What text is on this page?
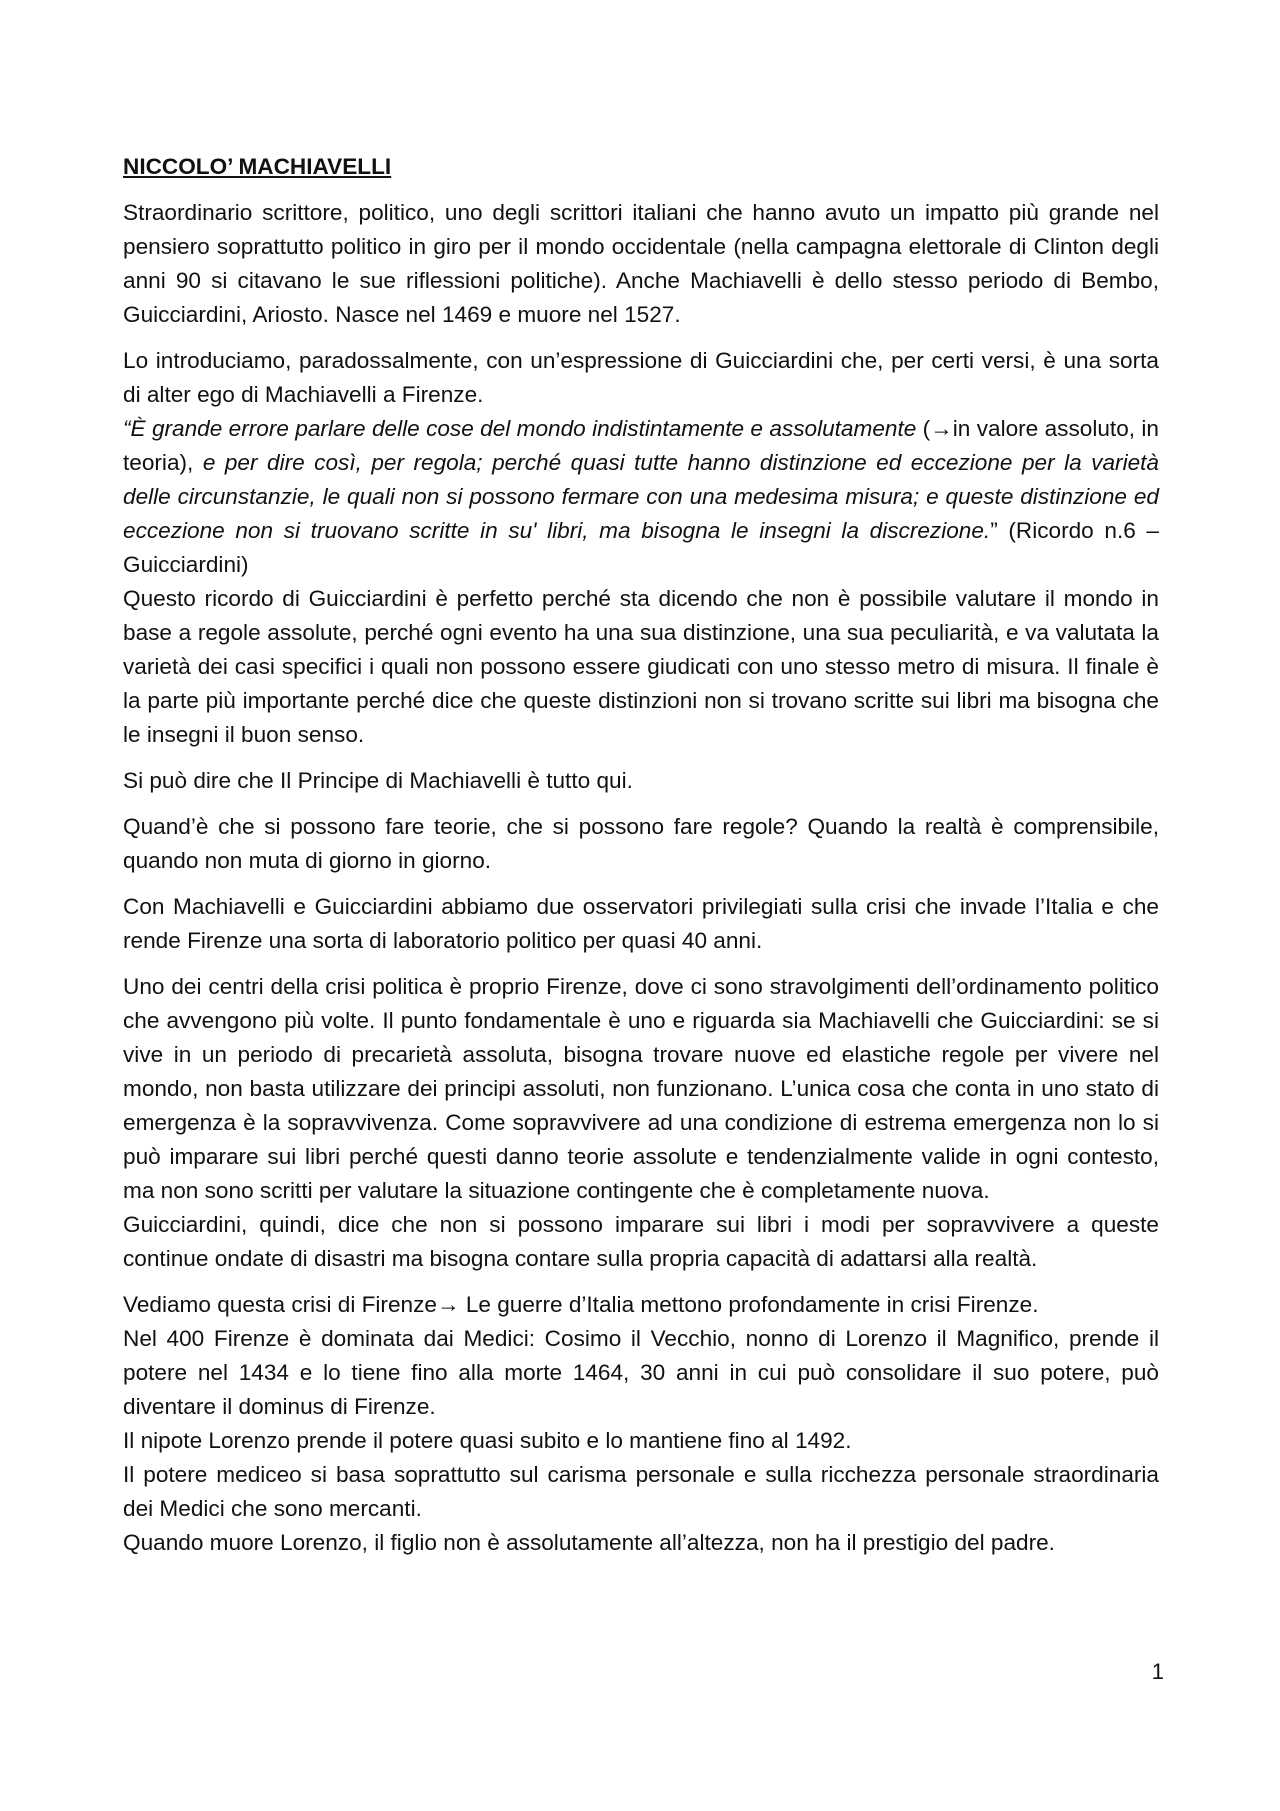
NICCOLO’ MACHIAVELLI

Straordinario scrittore, politico, uno degli scrittori italiani che hanno avuto un impatto più grande nel pensiero soprattutto politico in giro per il mondo occidentale (nella campagna elettorale di Clinton degli anni 90 si citavano le sue riflessioni politiche). Anche Machiavelli è dello stesso periodo di Bembo, Guicciardini, Ariosto. Nasce nel 1469 e muore nel 1527.

Lo introduciamo, paradossalmente, con un’espressione di Guicciardini che, per certi versi, è una sorta di alter ego di Machiavelli a Firenze.

“È grande errore parlare delle cose del mondo indistintamente e assolutamente (→in valore assoluto, in teoria), e per dire così, per regola; perché quasi tutte hanno distinzione ed eccezione per la varietà delle circunstanzie, le quali non si possono fermare con una medesima misura; e queste distinzione ed eccezione non si truovano scritte in su' libri, ma bisogna le insegni la discrezione.” (Ricordo n.6 – Guicciardini)

Questo ricordo di Guicciardini è perfetto perché sta dicendo che non è possibile valutare il mondo in base a regole assolute, perché ogni evento ha una sua distinzione, una sua peculiarità, e va valutata la varietà dei casi specifici i quali non possono essere giudicati con uno stesso metro di misura. Il finale è la parte più importante perché dice che queste distinzioni non si trovano scritte sui libri ma bisogna che le insegni il buon senso.

Si può dire che Il Principe di Machiavelli è tutto qui.

Quand’è che si possono fare teorie, che si possono fare regole? Quando la realtà è comprensibile, quando non muta di giorno in giorno.

Con Machiavelli e Guicciardini abbiamo due osservatori privilegiati sulla crisi che invade l’Italia e che rende Firenze una sorta di laboratorio politico per quasi 40 anni.

Uno dei centri della crisi politica è proprio Firenze, dove ci sono stravolgimenti dell’ordinamento politico che avvengono più volte. Il punto fondamentale è uno e riguarda sia Machiavelli che Guicciardini: se si vive in un periodo di precarietà assoluta, bisogna trovare nuove ed elastiche regole per vivere nel mondo, non basta utilizzare dei principi assoluti, non funzionano. L’unica cosa che conta in uno stato di emergenza è la sopravvivenza. Come sopravvivere ad una condizione di estrema emergenza non lo si può imparare sui libri perché questi danno teorie assolute e tendenzialmente valide in ogni contesto, ma non sono scritti per valutare la situazione contingente che è completamente nuova.

Guicciardini, quindi, dice che non si possono imparare sui libri i modi per sopravvivere a queste continue ondate di disastri ma bisogna contare sulla propria capacità di adattarsi alla realtà.

Vediamo questa crisi di Firenze→ Le guerre d’Italia mettono profondamente in crisi Firenze.

Nel 400 Firenze è dominata dai Medici: Cosimo il Vecchio, nonno di Lorenzo il Magnifico, prende il potere nel 1434 e lo tiene fino alla morte 1464, 30 anni in cui può consolidare il suo potere, può diventare il dominus di Firenze.

Il nipote Lorenzo prende il potere quasi subito e lo mantiene fino al 1492.

Il potere mediceo si basa soprattutto sul carisma personale e sulla ricchezza personale straordinaria dei Medici che sono mercanti.

Quando muore Lorenzo, il figlio non è assolutamente all’altezza, non ha il prestigio del padre.

1
